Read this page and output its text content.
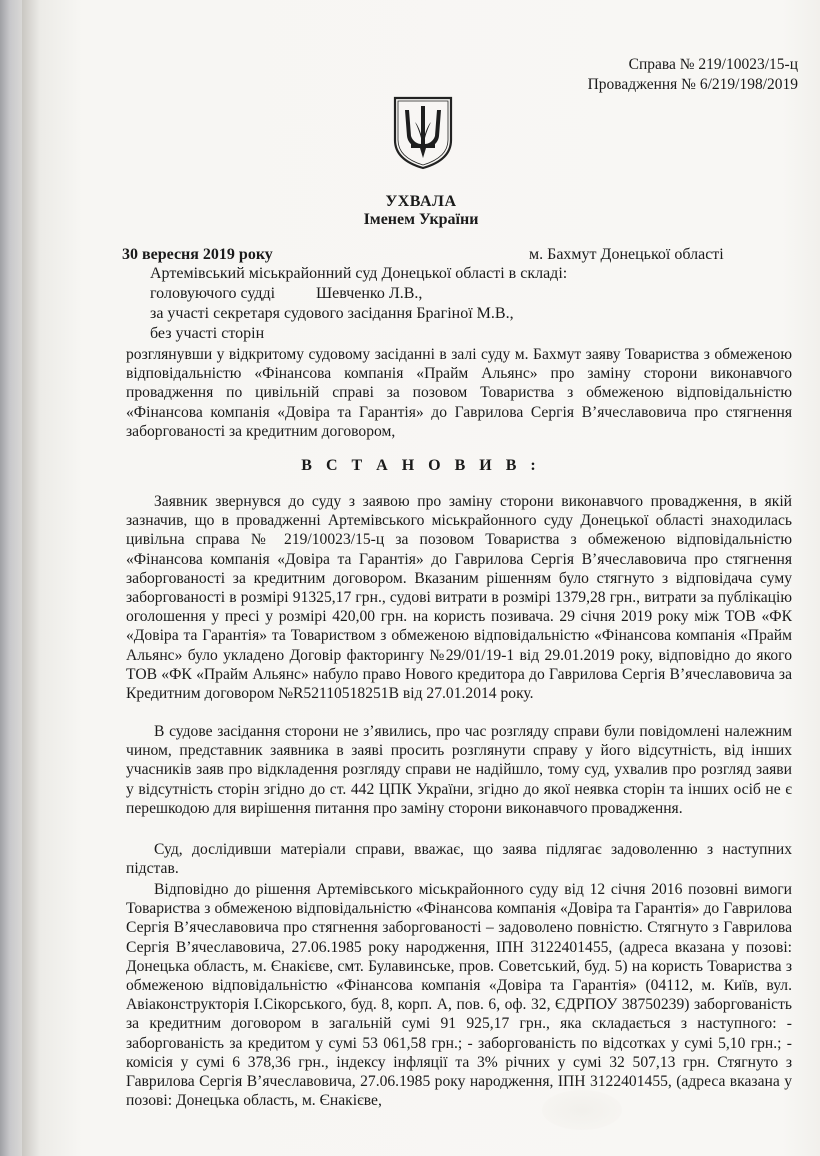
Справа № 219/10023/15-ц
Провадження № 6/219/198/2019
УХВАЛА
Іменем України
30 вересня 2019 року	м. Бахмут Донецької області
Артемівський міськрайонний суд Донецької області в складі:
головуючого судді	Шевченко Л.В.,
за участі секретаря судового засідання Брагіної М.В.,
без участі сторін
розглянувши у відкритому судовому засіданні в залі суду м. Бахмут заяву Товариства з обмеженою відповідальністю «Фінансова компанія «Прайм Альянс» про заміну сторони виконавчого провадження по цивільній справі за позовом Товариства з обмеженою відповідальністю «Фінансова компанія «Довіра та Гарантія» до Гаврилова Сергія В’ячеславовича про стягнення заборгованості за кредитним договором,
В С Т А Н О В И В :
Заявник звернувся до суду з заявою про заміну сторони виконавчого провадження, в якій зазначив, що в провадженні Артемівського міськрайонного суду Донецької області знаходилась цивільна справа № 219/10023/15-ц за позовом Товариства з обмеженою відповідальністю «Фінансова компанія «Довіра та Гарантія» до Гаврилова Сергія В’ячеславовича про стягнення заборгованості за кредитним договором. Вказаним рішенням було стягнуто з відповідача суму заборгованості в розмірі 91325,17 грн., судові витрати в розмірі 1379,28 грн., витрати за публікацію оголошення у пресі у розмірі 420,00 грн. на користь позивача. 29 січня 2019 року між ТОВ «ФК «Довіра та Гарантія» та Товариством з обмеженою відповідальністю «Фінансова компанія «Прайм Альянс» було укладено Договір факторингу №29/01/19-1 від 29.01.2019 року, відповідно до якого ТОВ «ФК «Прайм Альянс» набуло право Нового кредитора до Гаврилова Сергія В’ячеславовича за Кредитним договором №R52110518251B від 27.01.2014 року.
В судове засідання сторони не з’явились, про час розгляду справи були повідомлені належним чином, представник заявника в заяві просить розглянути справу у його відсутність, від інших учасників заяв про відкладення розгляду справи не надійшло, тому суд, ухвалив про розгляд заяви у відсутність сторін згідно до ст. 442 ЦПК України, згідно до якої неявка сторін та інших осіб не є перешкодою для вирішення питання про заміну сторони виконавчого провадження.
Суд, дослідивши матеріали справи, вважає, що заява підлягає задоволенню з наступних підстав.
Відповідно до рішення Артемівського міськрайонного суду від 12 січня 2016 позовні вимоги Товариства з обмеженою відповідальністю «Фінансова компанія «Довіра та Гарантія» до Гаврилова Сергія В’ячеславовича про стягнення заборгованості – задоволено повністю. Стягнуто з Гаврилова Сергія В’ячеславовича, 27.06.1985 року народження, ІПН 3122401455, (адреса вказана у позові: Донецька область, м. Єнакієве, смт. Булавинське, пров. Советський, буд. 5) на користь Товариства з обмеженою відповідальністю «Фінансова компанія «Довіра та Гарантія» (04112, м. Київ, вул. Авіаконструкторія І.Сікорського, буд. 8, корп. А, пов. 6, оф. 32, ЄДРПОУ 38750239) заборгованість за кредитним договором в загальній сумі 91 925,17 грн., яка складається з наступного: - заборгованість за кредитом у сумі 53 061,58 грн.; - заборгованість по відсотках у сумі 5,10 грн.; - комісія у сумі 6 378,36 грн., індексу інфляції та 3% річних у сумі 32 507,13 грн. Стягнуто з Гаврилова Сергія В’ячеславовича, 27.06.1985 року народження, ІПН 3122401455, (адреса вказана у позові: Донецька область, м. Єнакієве,
